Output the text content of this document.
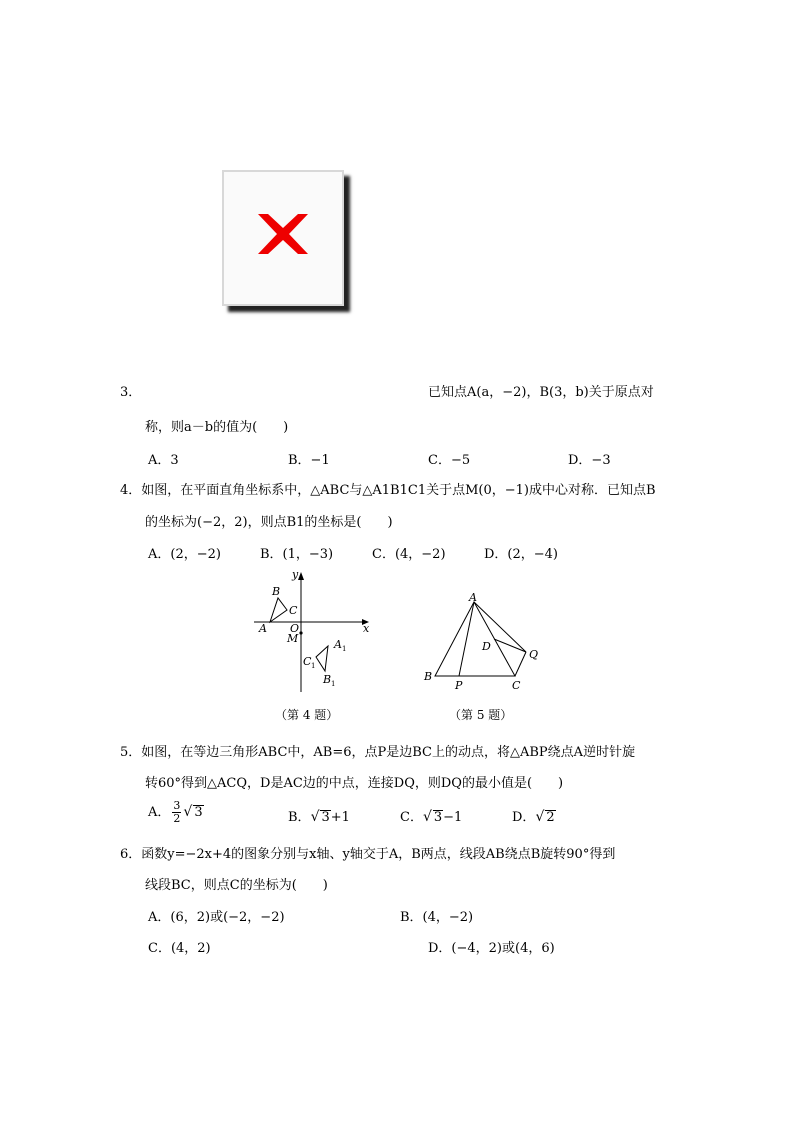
3．	已知点A(a，−2)，B(3，b)关于原点对
称，则a－b的值为(　　)
A．3	B．−1	C．−5	D．−3
4．如图，在平面直角坐标系中，△ABC与△A1B1C1关于点M(0，−1)成中心对称．已知点B
的坐标为(−2，2)，则点B1的坐标是(　　)
A．(2，−2)	B．(1，−3)	C．(4，−2)	D．(2，−4)
y
x
B
C
A O
M	A 1
C 1
B 1
（第 4 题）
A
D
Q
B
P	C
（第 5 题）
5．如图，在等边三角形ABC中，AB=6，点P是边BC上的动点，将△ABP绕点A逆时针旋
转60°得到△ACQ，D是AC边的中点，连接DQ，则DQ的最小值是(　　)
A． $\frac{3}{2}$ √ 3	B．√ 3+1	C．√ 3−1	D．√ 2
6．函数y=−2x+4的图象分别与x轴、y轴交于A，B两点，线段AB绕点B旋转90°得到
线段BC，则点C的坐标为(　　)
A．(6，2)或(−2，−2)	B．(4，−2)
C．(4，2)	D．(−4，2)或(4，6)
